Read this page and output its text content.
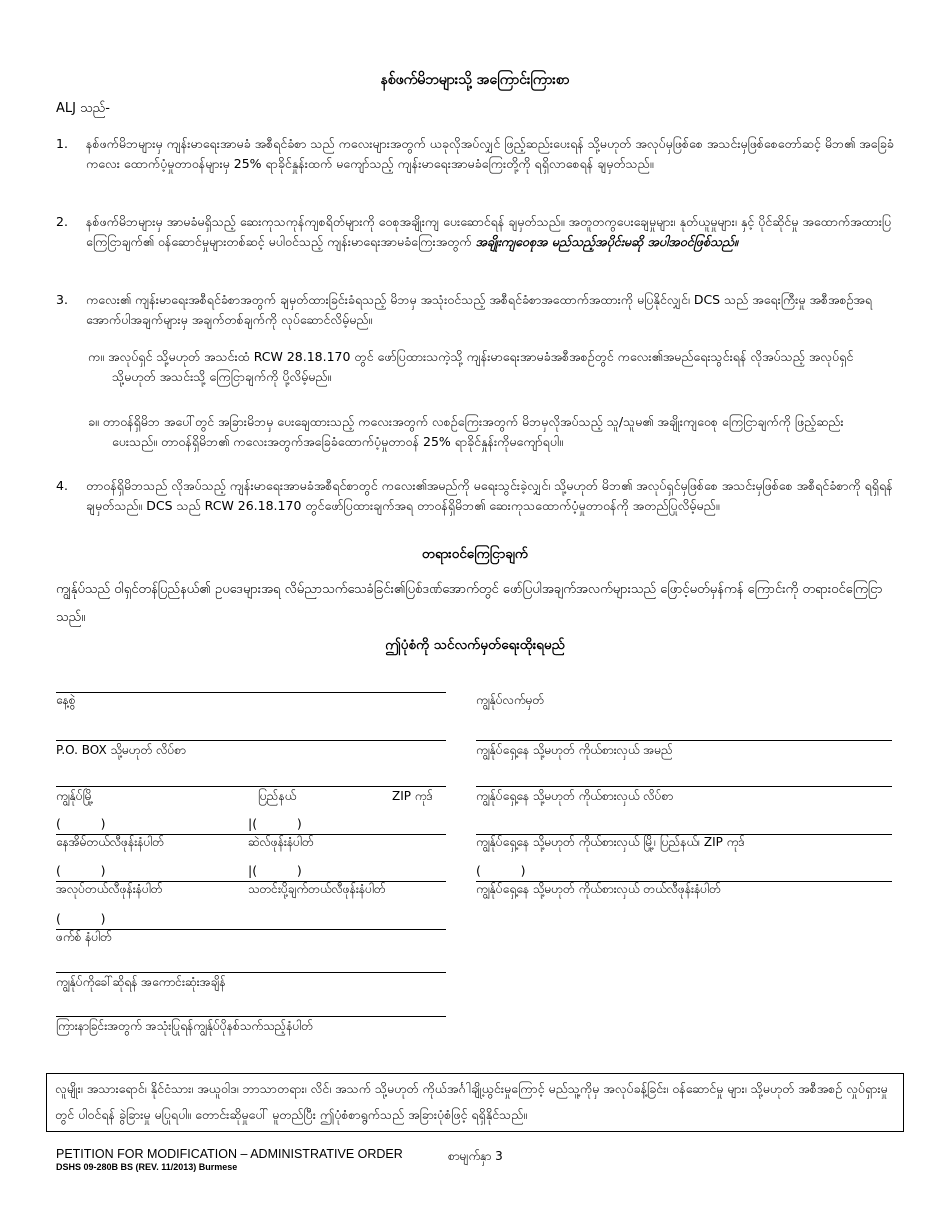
နစ်ဖက်မိဘများသို့ အကြောင်းကြားစာ
ALJ သည်-
1.	နစ်ဖက်မိဘများမှ ကျန်းမာရေးအာမခံ အစီရင်ခံစာ သည် ကလေးများအတွက် ယခုလိုအပ်လျှင် ဖြည့်ဆည်းပေးရန် သို့မဟုတ် အလုပ်မှဖြစ်စေ အသင်းမှဖြစ်စေတော်ဆင့် မိဘ၏ အခြေခံ ကလေး ထောက်ပံ့မှုတာဝန်များမှ 25% ရာခိုင်နှုန်းထက် မကျော်သည့် ကျန်းမာရေးအာမခံကြေးတို့ကို ရရှိလာစေရန် ချမှတ်သည်။
2.	နစ်ဖက်မိဘများမှ အာမခံမရှိသည့် ဆေးကုသကုန်ကျစရိတ်များကို ဝေစုအချိုးကျ ပေးဆောင်ရန် ချမှတ်သည်။ အတူတကွပေးချေမှုများ၊ နုတ်ယူမှုများ၊ နှင့် ပိုင်ဆိုင်မှု အထောက်အထားပြကြေငြာချက်၏ ဝန်ဆောင်မှုများတစ်ဆင့် မပါဝင်သည့် ကျန်းမာရေးအာမခံကြေးအတွက် အချိုးကျဝေစုအ မည်သည့်အပိုင်းမဆို အပါအဝင်ဖြစ်သည်။
3.	ကလေး၏ ကျန်းမာရေးအစီရင်ခံစာအတွက် ချမှတ်ထားခြင်းခံရသည့် မိဘမှ အသုံးဝင်သည့် အစီရင်ခံစာအထောက်အထားကို မပြနိုင်လျှင်၊ DCS သည် အရေးကြီးမှု အစီအစဉ်အရ အောက်ပါအချက်များမှ အချက်တစ်ချက်ကို လုပ်ဆောင်လိမ့်မည်။
က။ အလုပ်ရှင် သို့မဟုတ် အသင်းထံ RCW 28.18.170 တွင် ဖော်ပြထားသကဲ့သို့ ကျန်းမာရေးအာမခံအစီအစဉ်တွင် ကလေး၏အမည်ရေးသွင်းရန် လိုအပ်သည့် အလုပ်ရှင် သို့မဟုတ် အသင်းသို့ ကြေငြာချက်ကို ပို့လိမ့်မည်။
ခ။ တာဝန်ရှိမိဘ အပေါ်တွင် အခြားမိဘမှ ပေးချေထားသည့် ကလေးအတွက် လစဉ်ကြေးအတွက် မိဘမှလိုအပ်သည့် သူ/သူမ၏ အချိုးကျဝေစု ကြေငြာချက်ကို ဖြည့်ဆည်းပေးသည်။ တာဝန်ရှိမိဘ၏ ကလေးအတွက်အခြေခံထောက်ပံ့မှုတာဝန် 25% ရာခိုင်နှုန်းကိုမကျော်ရပါ။
4.	တာဝန်ရှိမိဘသည် လိုအပ်သည့် ကျန်းမာရေးအာမခံအစီရင်စာတွင် ကလေး၏အမည်ကို မရေးသွင်းခဲ့လျှင်၊ သို့မဟုတ် မိဘ၏ အလုပ်ရှင်မှဖြစ်စေ အသင်းမှဖြစ်စေ အစီရင်ခံစာကို ရရှိရန် ချမှတ်သည်။ DCS သည် RCW 26.18.170 တွင်ဖော်ပြထားချက်အရ တာဝန်ရှိမိဘ၏ ဆေးကုသထောက်ပံ့မှုတာဝန်ကို အတည်ပြုလိမ့်မည်။
တရားဝင်ကြေငြာချက်
ကျွန်ုပ်သည် ဝါရှင်တန်ပြည်နယ်၏ ဥပဒေများအရ လိမ်ညာသက်သေခံခြင်း၏ပြစ်ဒဏ်အောက်တွင် ဖော်ပြပါအချက်အလက်များသည် ဖြောင့်မတ်မှန်ကန် ကြောင်းကို တရားဝင်ကြေငြာသည်။
ဤပုံစံကို သင်လက်မှတ်ရေးထိုးရမည်
နေ့စွဲ
P.O. BOX သို့မဟုတ် လိပ်စာ
ကျွန်ုပ်မြို့	ပြည်နယ်	ZIP ကုဒ်
(          )	|(          )
နေအိမ်တယ်လီဖုန်းနံပါတ်	ဆဲလ်ဖုန်းနံပါတ်
(          )	|(          )
အလုပ်တယ်လီဖုန်းနံပါတ်	သတင်းပို့ချက်တယ်လီဖုန်းနံပါတ်
(          )
ဖက်စ် နံပါတ်
ကျွန်ုပ်ကိုခေါ်ဆိုရန် အကောင်းဆုံးအချိန်
ကြားနာခြင်းအတွက် အသုံးပြုရန်ကျွန်ုပ်ပိုနစ်သက်သည့်နံပါတ်
ကျွန်ုပ်လက်မှတ်
ကျွန်ုပ်ရှေ့နေ သို့မဟုတ် ကိုယ်စားလှယ် အမည်
ကျွန်ုပ်ရှေ့နေ သို့မဟုတ် ကိုယ်စားလှယ် လိပ်စာ
ကျွန်ုပ်ရှေ့နေ သို့မဟုတ် ကိုယ်စားလှယ် မြို့၊ ပြည်နယ်၊ ZIP ကုဒ်
(          )
ကျွန်ုပ်ရှေ့နေ သို့မဟုတ် ကိုယ်စားလှယ် တယ်လီဖုန်းနံပါတ်
လူမျိုး၊ အသားရောင်၊ နိုင်ငံသား၊ အယူဝါဒ၊ ဘာသာတရား၊ လိင်၊ အသက် သို့မဟုတ် ကိုယ်အင်္ဂါချို့ယွင်းမှုကြောင့် မည်သူ့ကိုမှ အလုပ်ခန့်ခြင်း၊ ဝန်ဆောင်မှု များ၊ သို့မဟုတ် အစီအစဉ် လှုပ်ရှားမှုတွင် ပါဝင်ရန် ခွဲခြားမှု မပြုရပါ။ တောင်းဆိုမှုပေါ် မူတည်ပြီး ဤပုံစံစာရွက်သည် အခြားပုံစံဖြင့် ရရှိနိုင်သည်။
PETITION FOR MODIFICATION – ADMINISTRATIVE ORDER
DSHS 09-280B BS (REV. 11/2013) Burmese
စာမျက်နှာ 3
